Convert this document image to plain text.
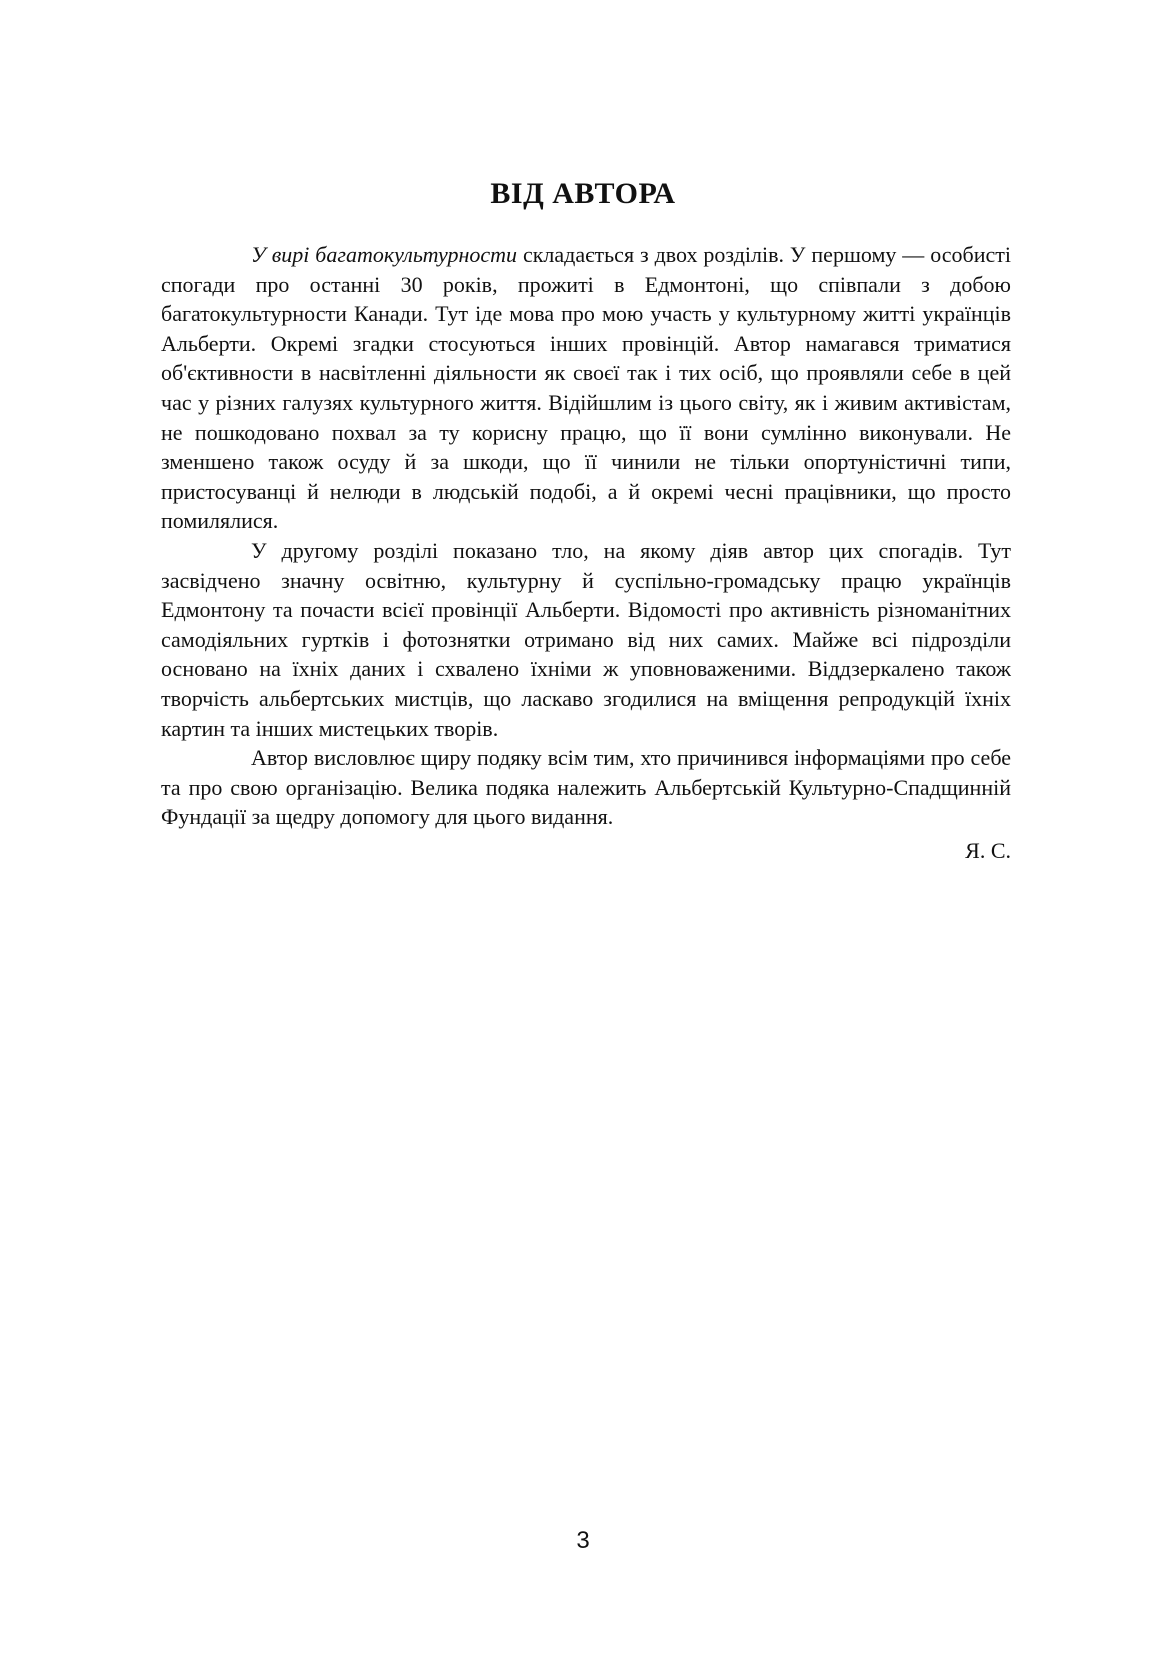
ВІД АВТОРА

У вирі багатокультурности складається з двох розділів. У першому — особисті спогади про останні 30 років, прожиті в Едмонтоні, що співпали з добою багатокультурности Канади. Тут іде мова про мою участь у культурному житті українців Альберти. Окремі згадки стосуються інших провінцій. Автор намагався триматися об'єктивности в насвітленні діяльности як своєї так і тих осіб, що проявляли себе в цей час у різних галузях культурного життя. Відійшлим із цього світу, як і живим активістам, не пошкодовано похвал за ту корисну працю, що її вони сумлінно виконували. Не зменшено також осуду й за шкоди, що її чинили не тільки опортуністичні типи, пристосуванці й нелюди в людській подобі, а й окремі чесні працівники, що просто помилялися.

У другому розділі показано тло, на якому діяв автор цих спогадів. Тут засвідчено значну освітню, культурну й суспільно-громадську працю українців Едмонтону та почасти всієї провінції Альберти. Відомості про активність різноманітних самодіяльних гуртків і фотознятки отримано від них самих. Майже всі підрозділи основано на їхніх даних і схвалено їхніми ж уповноваженими. Віддзеркалено також творчість альбертських мистців, що ласкаво згодилися на вміщення репродукцій їхніх картин та інших мистецьких творів.

Автор висловлює щиру подяку всім тим, хто причинився інформаціями про себе та про свою організацію. Велика подяка належить Альбертській Культурно-Спадщинній Фундації за щедру допомогу для цього видання.

Я. С.

3
